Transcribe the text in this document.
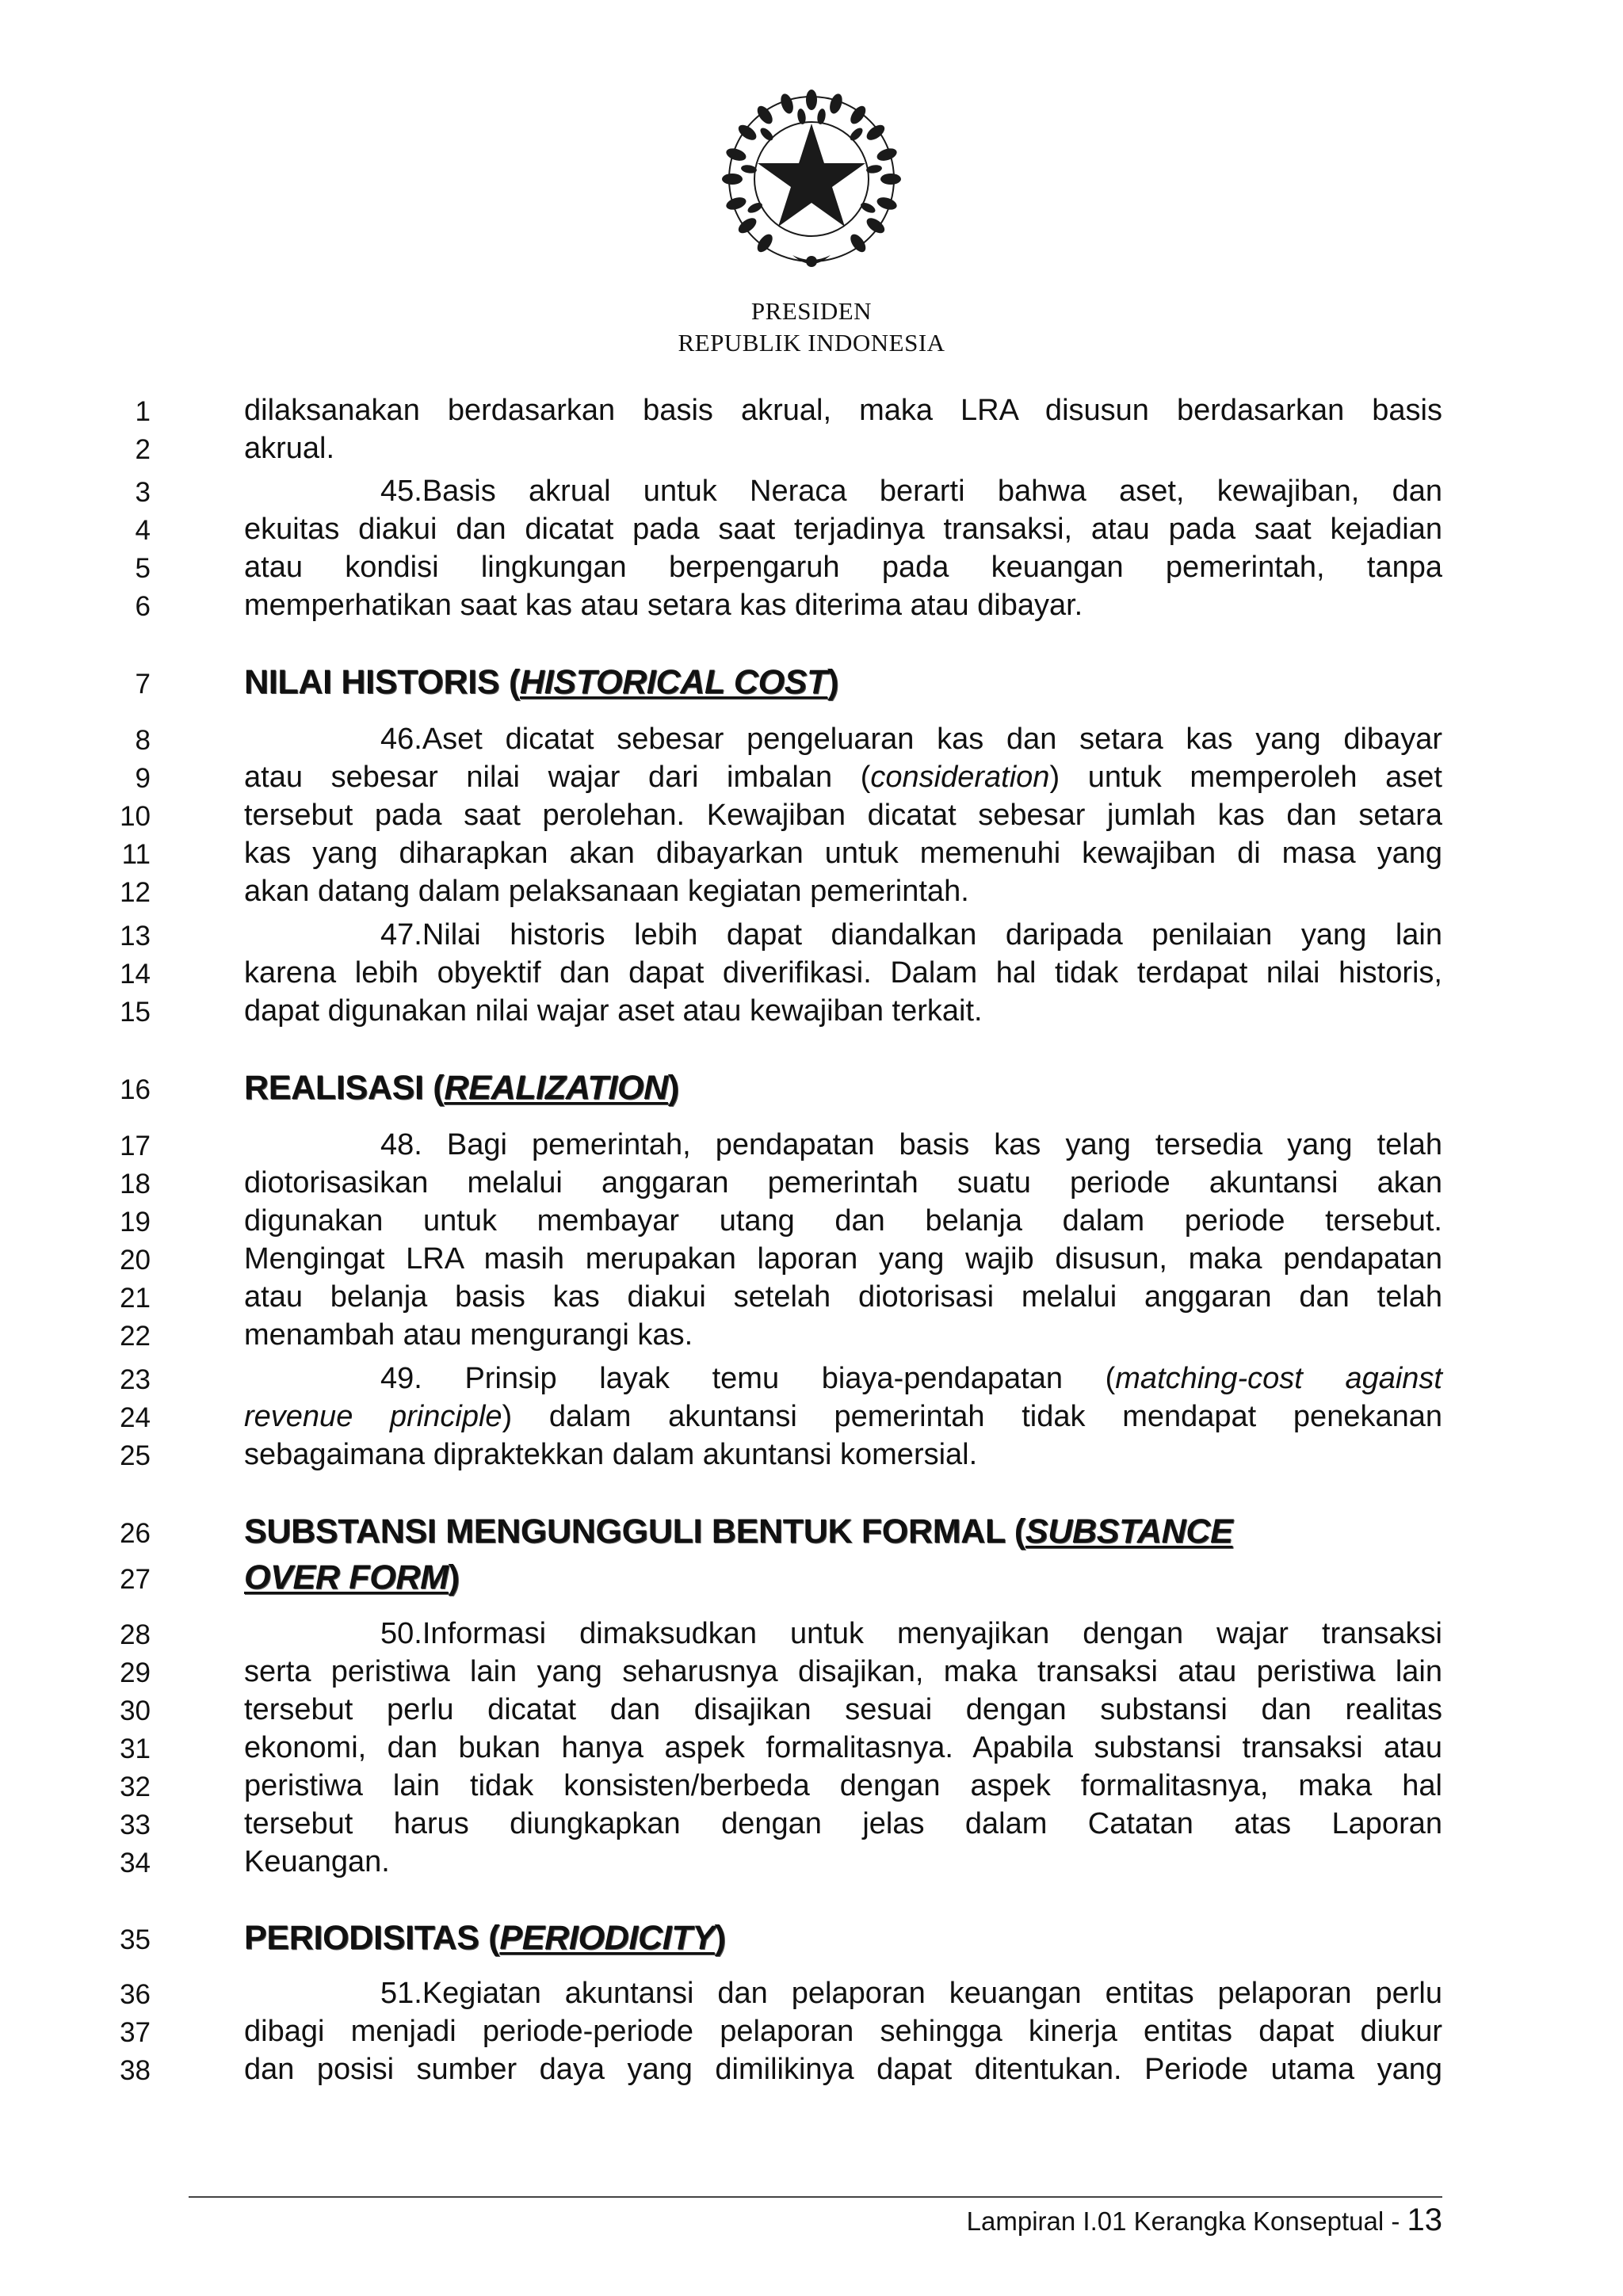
PRESIDEN
REPUBLIK INDONESIA
1
2
3
4
5
6
7
8
9
10
11
12
13
14
15
16
17
18
19
20
21
22
23
24
25
26
27
28
29
30
31
32
33
34
35
36
37
38
dilaksanakan berdasarkan basis akrual, maka LRA disusun berdasarkan basis
akrual.
45.Basis akrual untuk Neraca berarti bahwa aset, kewajiban, dan
ekuitas diakui dan dicatat pada saat terjadinya transaksi, atau pada saat kejadian
atau kondisi lingkungan berpengaruh pada keuangan pemerintah, tanpa
memperhatikan saat kas atau setara kas diterima atau dibayar.
NILAI HISTORIS (HISTORICAL COST)
46.Aset dicatat sebesar pengeluaran kas dan setara kas yang dibayar
atau sebesar nilai wajar dari imbalan (consideration) untuk memperoleh aset
tersebut pada saat perolehan. Kewajiban dicatat sebesar jumlah kas dan setara
kas yang diharapkan akan dibayarkan untuk memenuhi kewajiban di masa yang
akan datang dalam pelaksanaan kegiatan pemerintah.
47.Nilai historis lebih dapat diandalkan daripada penilaian yang lain
karena lebih obyektif dan dapat diverifikasi. Dalam hal tidak terdapat nilai historis,
dapat digunakan nilai wajar aset atau kewajiban terkait.
REALISASI (REALIZATION)
48. Bagi pemerintah, pendapatan basis kas yang tersedia yang telah
diotorisasikan melalui anggaran pemerintah suatu periode akuntansi akan
digunakan untuk membayar utang dan belanja dalam periode tersebut.
Mengingat LRA masih merupakan laporan yang wajib disusun, maka pendapatan
atau belanja basis kas diakui setelah diotorisasi melalui anggaran dan telah
menambah atau mengurangi kas.
49. Prinsip layak temu biaya-pendapatan (matching-cost against
revenue principle) dalam akuntansi pemerintah tidak mendapat penekanan
sebagaimana dipraktekkan dalam akuntansi komersial.
SUBSTANSI MENGUNGGULI BENTUK FORMAL (SUBSTANCE
OVER FORM)
50.Informasi dimaksudkan untuk menyajikan dengan wajar transaksi
serta peristiwa lain yang seharusnya disajikan, maka transaksi atau peristiwa lain
tersebut perlu dicatat dan disajikan sesuai dengan substansi dan realitas
ekonomi, dan bukan hanya aspek formalitasnya. Apabila substansi transaksi atau
peristiwa lain tidak konsisten/berbeda dengan aspek formalitasnya, maka hal
tersebut harus diungkapkan dengan jelas dalam Catatan atas Laporan
Keuangan.
PERIODISITAS (PERIODICITY)
51.Kegiatan akuntansi dan pelaporan keuangan entitas pelaporan perlu
dibagi menjadi periode-periode pelaporan sehingga kinerja entitas dapat diukur
dan posisi sumber daya yang dimilikinya dapat ditentukan. Periode utama yang
Lampiran I.01 Kerangka Konseptual - 13
